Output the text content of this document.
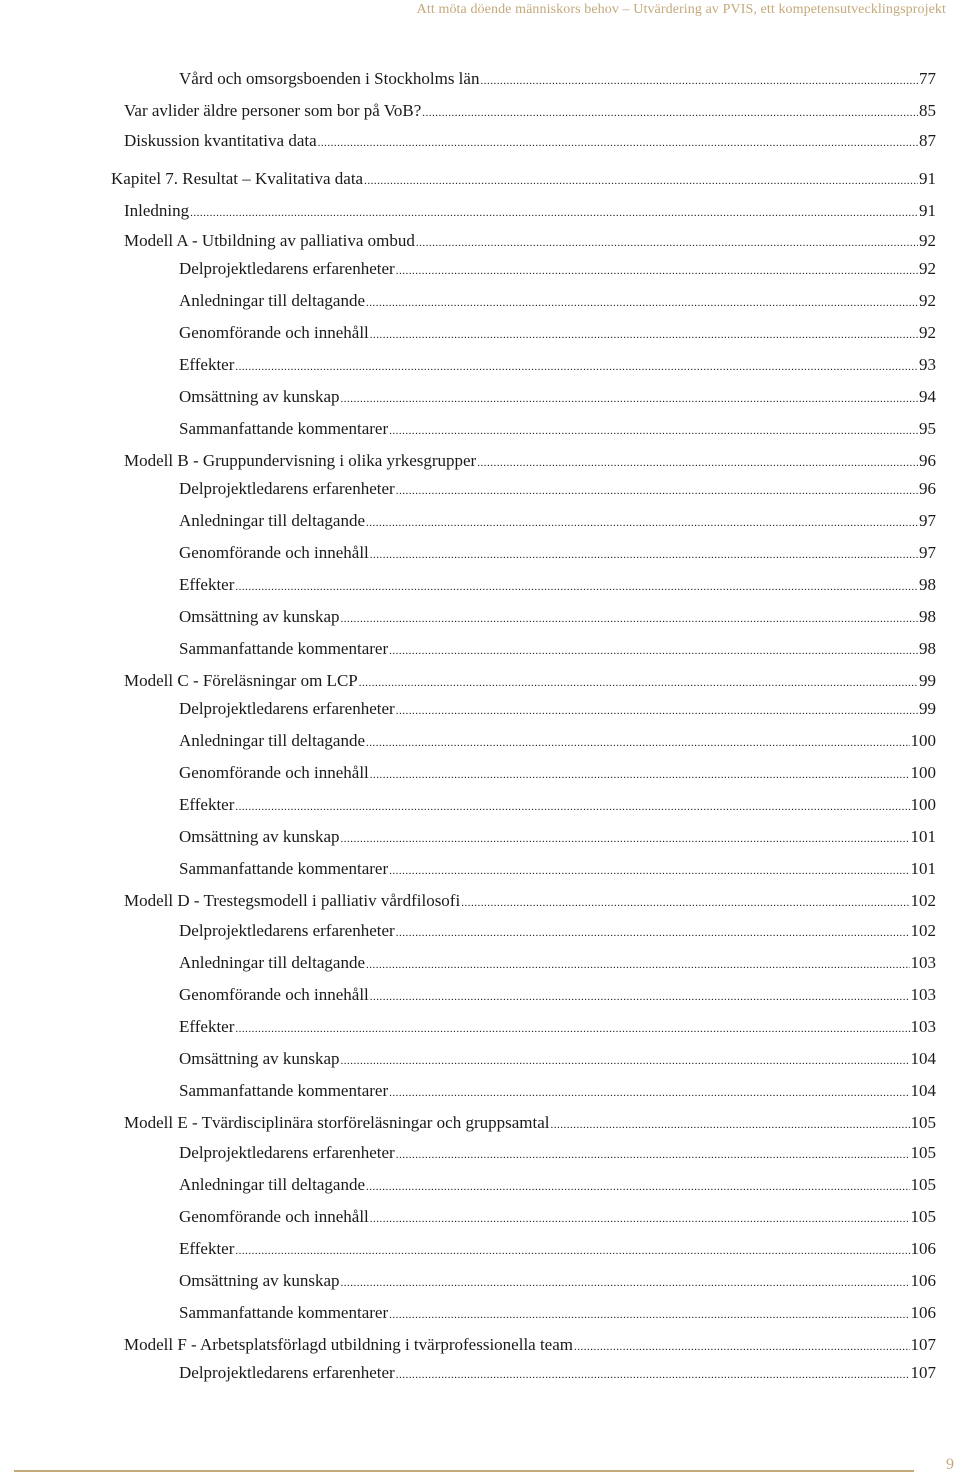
Att möta döende människors behov – Utvärdering av PVIS, ett kompetensutvecklingsprojekt
Vård och omsorgsboenden i Stockholms län .....	77
Var avlider äldre personer som bor på VoB? .....	85
Diskussion kvantitativa data .....	87
Kapitel 7. Resultat – Kvalitativa data .....	91
Inledning .....	91
Modell A - Utbildning av palliativa ombud .....	92
Delprojektledarens erfarenheter .....	92
Anledningar till deltagande .....	92
Genomförande och innehåll .....	92
Effekter .....	93
Omsättning av kunskap .....	94
Sammanfattande kommentarer .....	95
Modell B - Gruppundervisning i olika yrkesgrupper .....	96
Delprojektledarens erfarenheter .....	96
Anledningar till deltagande .....	97
Genomförande och innehåll .....	97
Effekter .....	98
Omsättning av kunskap .....	98
Sammanfattande kommentarer .....	98
Modell C - Föreläsningar om LCP .....	99
Delprojektledarens erfarenheter .....	99
Anledningar till deltagande .....	100
Genomförande och innehåll .....	100
Effekter .....	100
Omsättning av kunskap .....	101
Sammanfattande kommentarer .....	101
Modell D - Trestegsmodell i palliativ vårdfilosofi .....	102
Delprojektledarens erfarenheter .....	102
Anledningar till deltagande .....	103
Genomförande och innehåll .....	103
Effekter .....	103
Omsättning av kunskap .....	104
Sammanfattande kommentarer .....	104
Modell E - Tvärdisciplinära storföreläsningar och gruppsamtal .....	105
Delprojektledarens erfarenheter .....	105
Anledningar till deltagande .....	105
Genomförande och innehåll .....	105
Effekter .....	106
Omsättning av kunskap .....	106
Sammanfattande kommentarer .....	106
Modell F - Arbetsplatsförlagd utbildning i tvärprofessionella team .....	107
Delprojektledarens erfarenheter .....	107
9
